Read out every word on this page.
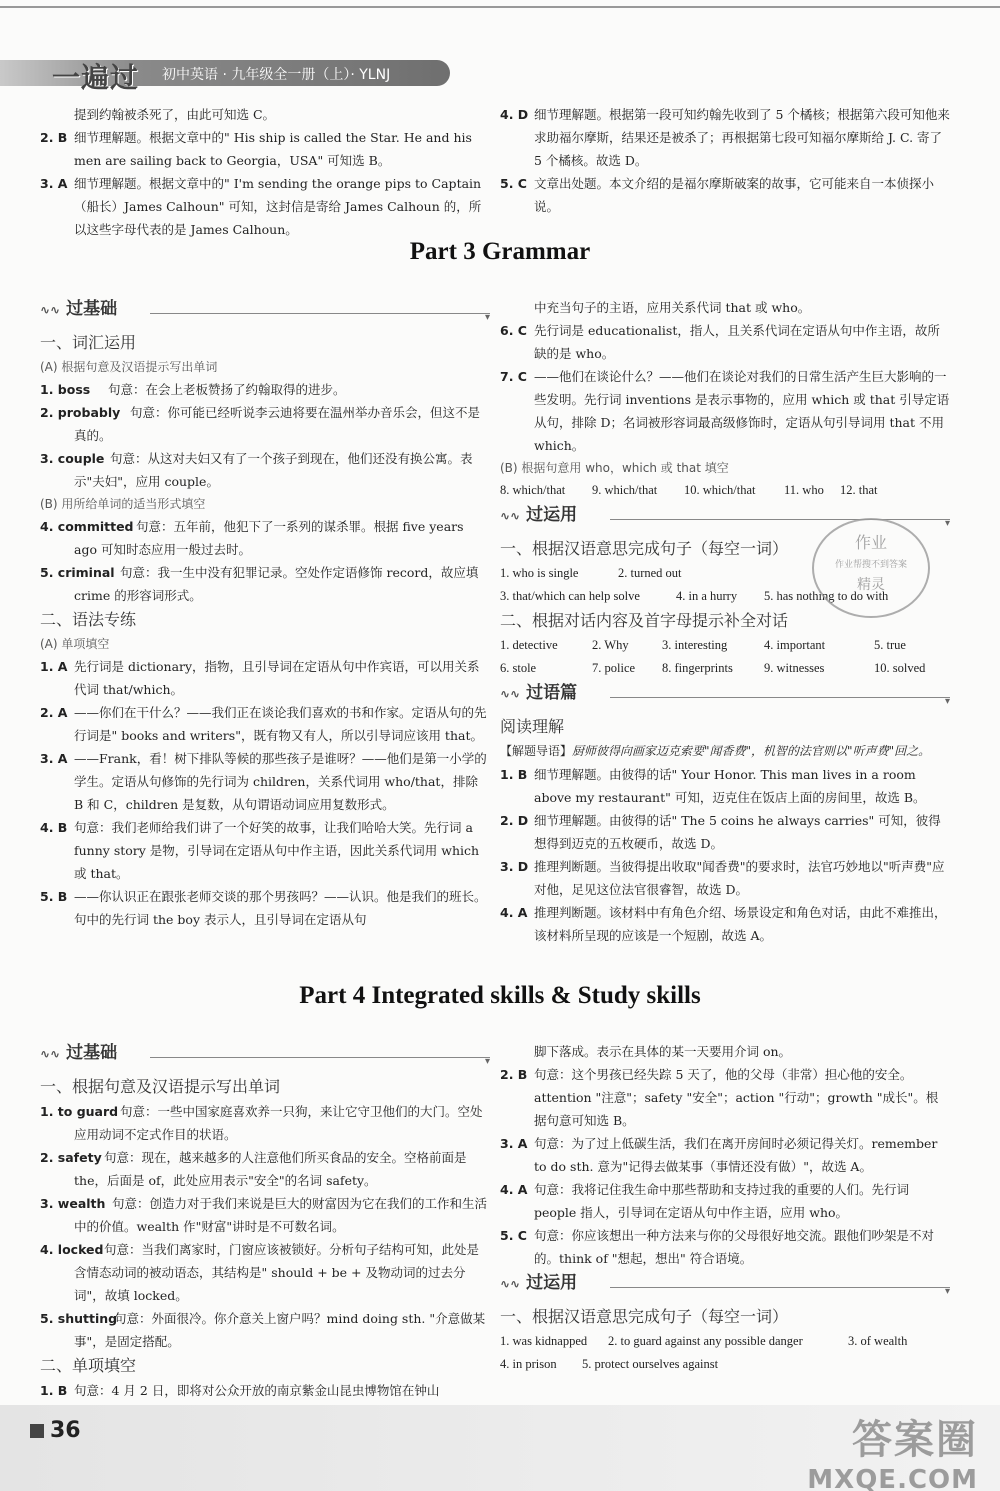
一遍过 初中英语 · 九年级全一册（上）· YLNJ
提到约翰被杀死了，由此可知选 C。
2. B 细节理解题。根据文章中的" His ship is called the Star. He and his men are sailing back to Georgia，USA" 可知选 B。
3. A 细节理解题。根据文章中的" I'm sending the orange pips to Captain（船长）James Calhoun" 可知，这封信是寄给 James Calhoun 的，所以这些字母代表的是 James Calhoun。
4. D 细节理解题。根据第一段可知约翰先收到了 5 个橘核；根据第六段可知他来求助福尔摩斯，结果还是被杀了；再根据第七段可知福尔摩斯给 J. C. 寄了 5 个橘核。故选 D。
5. C 文章出处题。本文介绍的是福尔摩斯破案的故事，它可能来自一本侦探小说。
Part 3 Grammar
∿∿ 过基础	▾
一、词汇运用
(A) 根据句意及汉语提示写出单词
1. boss 句意：在会上老板赞扬了约翰取得的进步。
2. probably 句意：你可能已经听说李云迪将要在温州举办音乐会，但这不是真的。
3. couple 句意：从这对夫妇又有了一个孩子到现在，他们还没有换公寓。表示"夫妇"，应用 couple。
(B) 用所给单词的适当形式填空
4. committed 句意：五年前，他犯下了一系列的谋杀罪。根据 five years ago 可知时态应用一般过去时。
5. criminal 句意：我一生中没有犯罪记录。空处作定语修饰 record，故应填 crime 的形容词形式。
二、语法专练
(A) 单项填空
1. A 先行词是 dictionary，指物，且引导词在定语从句中作宾语，可以用关系代词 that/which。
2. A ——你们在干什么？——我们正在谈论我们喜欢的书和作家。定语从句的先行词是" books and writers"，既有物又有人，所以引导词应该用 that。
3. A ——Frank，看！树下排队等候的那些孩子是谁呀？——他们是第一小学的学生。定语从句修饰的先行词为 children，关系代词用 who/that，排除 B 和 C，children 是复数，从句谓语动词应用复数形式。
4. B 句意：我们老师给我们讲了一个好笑的故事，让我们哈哈大笑。先行词 a funny story 是物，引导词在定语从句中作主语，因此关系代词用 which 或 that。
5. B ——你认识正在跟张老师交谈的那个男孩吗？——认识。他是我们的班长。句中的先行词 the boy 表示人，且引导词在定语从句
中充当句子的主语，应用关系代词 that 或 who。
6. C 先行词是 educationalist，指人，且关系代词在定语从句中作主语，故所缺的是 who。
7. C ——他们在谈论什么？——他们在谈论对我们的日常生活产生巨大影响的一些发明。先行词 inventions 是表示事物的，应用 which 或 that 引导定语从句，排除 D；名词被形容词最高级修饰时，定语从句引导词用 that 不用 which。
(B) 根据句意用 who，which 或 that 填空
8. which/that	9. which/that	10. which/that	11. who	12. that
∿∿ 过运用	▾
一、根据汉语意思完成句子（每空一词）
1. who is single	2. turned out
3. that/which can help solve	4. in a hurry	5. has nothing to do with
二、根据对话内容及首字母提示补全对话
1. detective	2. Why	3. interesting	4. important	5. true
6. stole	7. police	8. fingerprints	9. witnesses	10. solved
∿∿ 过语篇	▾
阅读理解
【解题导语】厨师彼得向画家迈克索要"闻香费"，机智的法官则以"听声费"回之。
1. B 细节理解题。由彼得的话" Your Honor. This man lives in a room above my restaurant" 可知，迈克住在饭店上面的房间里，故选 B。
2. D 细节理解题。由彼得的话" The 5 coins he always carries" 可知，彼得想得到迈克的五枚硬币，故选 D。
3. D 推理判断题。当彼得提出收取"闻香费"的要求时，法官巧妙地以"听声费"应对他，足见这位法官很睿智，故选 D。
4. A 推理判断题。该材料中有角色介绍、场景设定和角色对话，由此不难推出，该材料所呈现的应该是一个短剧，故选 A。
作业
作业帮搜不到答案
精灵
Part 4 Integrated skills & Study skills
∿∿ 过基础	▾
一、根据句意及汉语提示写出单词
1. to guard 句意：一些中国家庭喜欢养一只狗，来让它守卫他们的大门。空处应用动词不定式作目的状语。
2. safety 句意：现在，越来越多的人注意他们所买食品的安全。空格前面是 the，后面是 of，此处应用表示"安全"的名词 safety。
3. wealth 句意：创造力对于我们来说是巨大的财富因为它在我们的工作和生活中的价值。wealth 作"财富"讲时是不可数名词。
4. locked 句意：当我们离家时，门窗应该被锁好。分析句子结构可知，此处是含情态动词的被动语态，其结构是" should + be + 及物动词的过去分词"，故填 locked。
5. shutting
句意：外面很冷。你介意关上窗户吗？mind doing sth. "介意做某事"，是固定搭配。
二、单项填空
1. B 句意：4 月 2 日，即将对公众开放的南京紫金山昆虫博物馆在钟山
脚下落成。表示在具体的某一天要用介词 on。
2. B 句意：这个男孩已经失踪 5 天了，他的父母（非常）担心他的安全。attention "注意"；safety "安全"；action "行动"；growth "成长"。根据句意可知选 B。
3. A 句意：为了过上低碳生活，我们在离开房间时必须记得关灯。remember to do sth. 意为"记得去做某事（事情还没有做）"，故选 A。
4. A 句意：我将记住我生命中那些帮助和支持过我的重要的人们。先行词 people 指人，引导词在定语从句中作主语，应用 who。
5. C 句意：你应该想出一种方法来与你的父母很好地交流。跟他们吵架是不对的。think of "想起，想出" 符合语境。
∿∿ 过运用	▾
一、根据汉语意思完成句子（每空一词）
1. was kidnapped	2. to guard against any possible danger	3. of wealth
4. in prison	5. protect ourselves against
36	答案圈
MXQE.COM
